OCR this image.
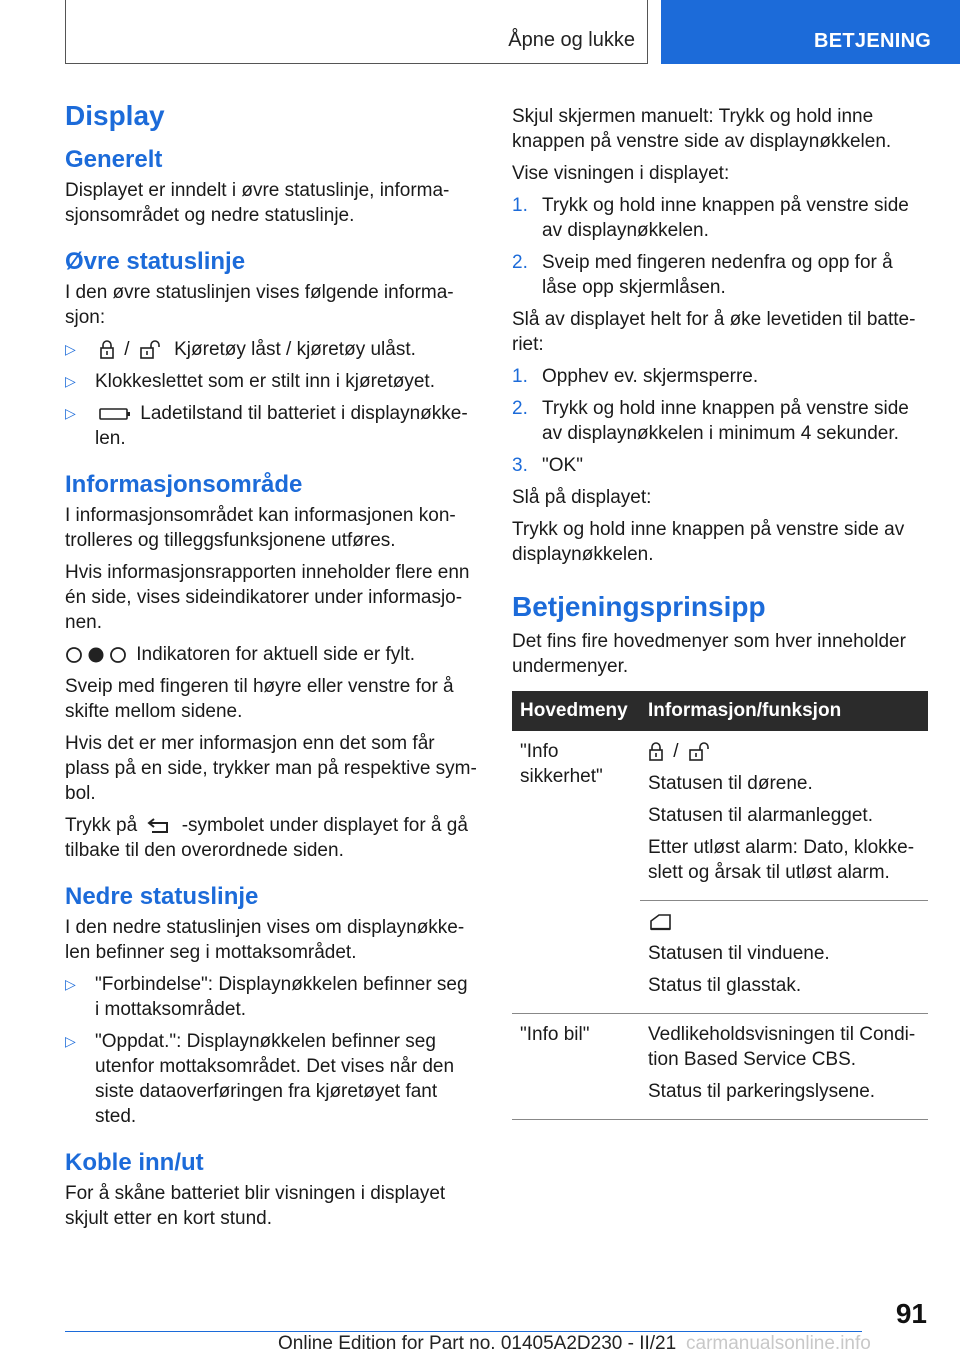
Åpne og lukke	BETJENING
Display
Generelt

Displayet er inndelt i øvre statuslinje, informasjonsområdet og nedre statuslinje.

Øvre statuslinje

I den øvre statuslinjen vises følgende informasjon:

▷	/ Kjøretøy låst / kjøretøy ulåst.
▷ Klokkeslettet som er stilt inn i kjøretøyet.
▷	Ladetilstand til batteriet i displaynøkkelen.
Informasjonsområde

I informasjonsområdet kan informasjonen kontrolleres og tilleggsfunksjonene utføres.

Hvis informasjonsrapporten inneholder flere enn én side, vises sideindikatorer under informasjonen.

Indikatoren for aktuell side er fylt.

Sveip med fingeren til høyre eller venstre for å skifte mellom sidene.

Hvis det er mer informasjon enn det som får plass på en side, trykker man på respektive symbol.

Trykk på -symbolet under displayet for å gå tilbake til den overordnede siden.

Nedre statuslinje

I den nedre statuslinjen vises om displaynøkkelen befinner seg i mottaksområdet.

▷ "Forbindelse": Displaynøkkelen befinner seg i mottaksområdet.
▷ "Oppdat.": Displaynøkkelen befinner seg utenfor mottaksområdet. Det vises når den siste dataoverføringen fra kjøretøyet fant sted.
Koble inn/ut

For å skåne batteriet blir visningen i displayet skjult etter en kort stund.

Skjul skjermen manuelt: Trykk og hold inne knappen på venstre side av displaynøkkelen.

Vise visningen i displayet:

1. Trykk og hold inne knappen på venstre side av displaynøkkelen.
2. Sveip med fingeren nedenfra og opp for å låse opp skjermlåsen.

Slå av displayet helt for å øke levetiden til batteriet:

1. Opphev ev. skjermsperre.
2. Trykk og hold inne knappen på venstre side av displaynøkkelen i minimum 4 sekunder.
3. "OK"

Slå på displayet:

Trykk og hold inne knappen på venstre side av displaynøkkelen.

Betjeningsprinsipp

Det fins fire hovedmenyer som hver inneholder undermenyer.

Hovedmeny	Informasjon/funksjon
"Info sikkerhet"	/

Statusen til dørene.

Statusen til alarmanlegget.

Etter utløst alarm: Dato, klokkeslett og årsak til utløst alarm.

	Statusen til vinduene.

Status til glasstak.

"Info bil"	Vedlikeholdsvisningen til Condition Based Service CBS.

Status til parkeringslysene.

91
Online Edition for Part no. 01405A2D230 - II/21 carmanualsonline.info
